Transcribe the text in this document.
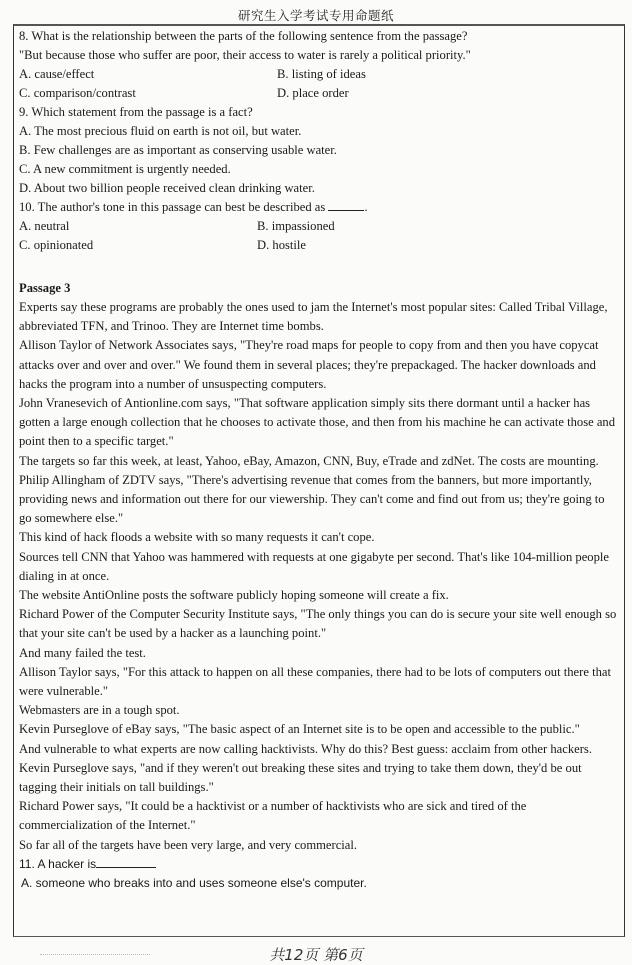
研究生入学考试专用命题纸
8. What is the relationship between the parts of the following sentence from the passage?
"But because those who suffer are poor, their access to water is rarely a political priority."
A. cause/effect	B. listing of ideas
C. comparison/contrast	D. place order
9. Which statement from the passage is a fact?
A. The most precious fluid on earth is not oil, but water.
B. Few challenges are as important as conserving usable water.
C. A new commitment is urgently needed.
D. About two billion people received clean drinking water.
10. The author's tone in this passage can best be described as	.
A. neutral	B. impassioned
C. opinionated	D. hostile
Passage 3

Experts say these programs are probably the ones used to jam the Internet's most popular sites: Called Tribal Village, abbreviated TFN, and Trinoo. They are Internet time bombs.

Allison Taylor of Network Associates says, "They're road maps for people to copy from and then you have copycat attacks over and over and over." We found them in several places; they're prepackaged. The hacker downloads and hacks the program into a number of unsuspecting computers.

John Vranesevich of Antionline.com says, "That software application simply sits there dormant until a hacker has gotten a large enough collection that he chooses to activate those, and then from his machine he can activate those and point then to a specific target."

The targets so far this week, at least, Yahoo, eBay, Amazon, CNN, Buy, eTrade and zdNet. The costs are mounting.

Philip Allingham of ZDTV says, "There's advertising revenue that comes from the banners, but more importantly, providing news and information out there for our viewership. They can't come and find out from us; they're going to go somewhere else."

This kind of hack floods a website with so many requests it can't cope.

Sources tell CNN that Yahoo was hammered with requests at one gigabyte per second. That's like 104-million people dialing in at once.

The website AntiOnline posts the software publicly hoping someone will create a fix.

Richard Power of the Computer Security Institute says, "The only things you can do is secure your site well enough so that your site can't be used by a hacker as a launching point."

And many failed the test.

Allison Taylor says, "For this attack to happen on all these companies, there had to be lots of computers out there that were vulnerable."

Webmasters are in a tough spot.

Kevin Purseglove of eBay says, "The basic aspect of an Internet site is to be open and accessible to the public."

And vulnerable to what experts are now calling hacktivists. Why do this? Best guess: acclaim from other hackers.

Kevin Purseglove says, "and if they weren't out breaking these sites and trying to take them down, they'd be out tagging their initials on tall buildings."

Richard Power says, "It could be a hacktivist or a number of hacktivists who are sick and tired of the commercialization of the Internet."

So far all of the targets have been very large, and very commercial.

11. A hacker is
A. someone who breaks into and uses someone else's computer.
共12页 第6页
